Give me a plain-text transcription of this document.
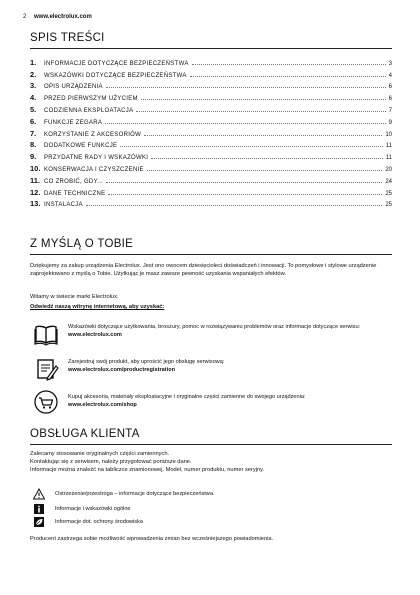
2 www.electrolux.com
SPIS TREŚCI
1.	INFORMACJE DOTYCZĄCE BEZPIECZEŃSTWA	3
2.	WSKAZÓWKI DOTYCZĄCE BEZPIECZEŃSTWA	4
3.	OPIS URZĄDZENIA	6
4.	PRZED PIERWSZYM UŻYCIEM	6
5.	CODZIENNA EKSPLOATACJA	7
6.	FUNKCJE ZEGARA	9
7.	KORZYSTANIE Z AKCESORIÓW	10
8.	DODATKOWE FUNKCJE	11
9.	PRZYDATNE RADY I WSKAZÓWKI	11
10. KONSERWACJA I CZYSZCZENIE	20
11. CO ZROBIĆ, GDY...	24
12. DANE TECHNICZNE	25
13. INSTALACJA	25
Z MYŚLĄ O TOBIE
Dziękujemy za zakup urządzenia Electrolux. Jest ono owocem dziesięcioleci doświadczeń i innowacji. To pomysłowe i stylowe urządzenie zaprojektowano z myślą o Tobie. Użytkując je masz zawsze pewność uzyskania wspaniałych efektów.
Witamy w świecie marki Electrolux.
Odwiedź naszą witrynę internetową, aby uzyskać:
Wskazówki dotyczące użytkowania, broszury, pomoc w rozwiązywaniu problemów oraz informacje dotyczące serwisu:
www.electrolux.com
Zarejestruj swój produkt, aby uprościć jego obsługę serwisową:
www.electrolux.com/productregistration
Kupuj akcesoria, materiały eksploatacyjne i oryginalne części zamienne do swojego urządzenia:
www.electrolux.com/shop
OBSŁUGA KLIENTA
Zalecamy stosowanie oryginalnych części zamiennych.
Kontaktując się z serwisem, należy przygotować poniższe dane.
Informacje można znaleźć na tabliczce znamionowej. Model, numer produktu, numer seryjny.
Ostrzeżenie/przestroga – informacje dotyczące bezpieczeństwa.
Informacje i wskazówki ogólne
Informacje dot. ochrony środowiska
Producent zastrzega sobie możliwość wprowadzenia zmian bez wcześniejszego powiadomienia.
